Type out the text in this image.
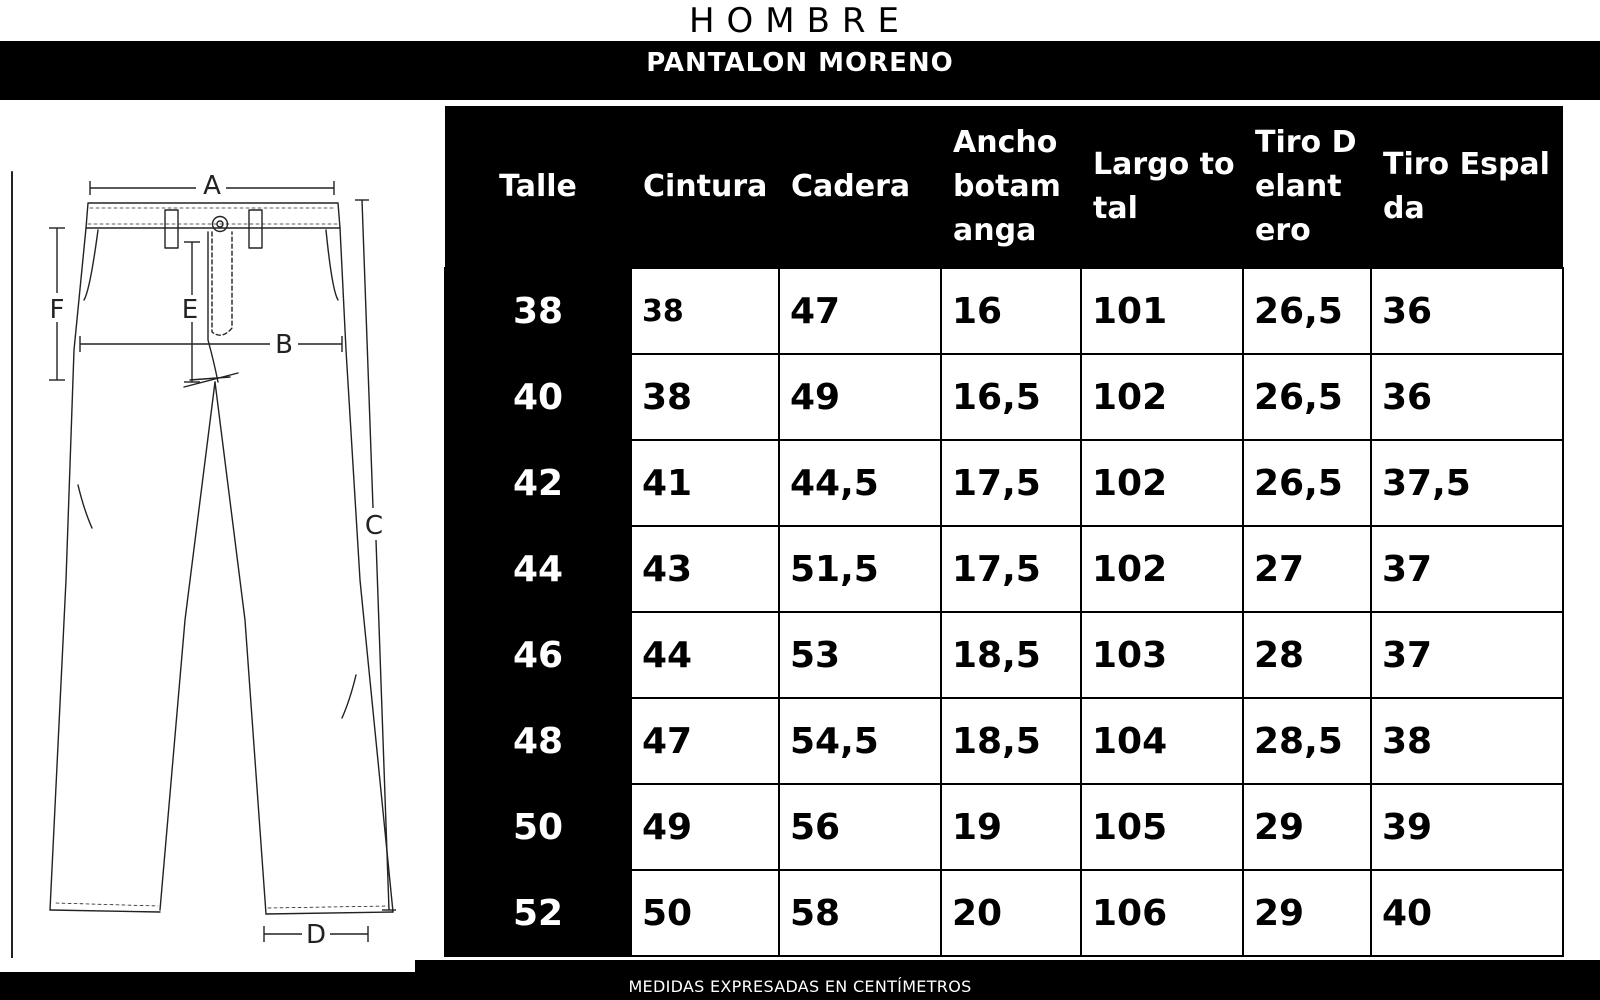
HOMBRE
PANTALON MORENO
A
B
C
D
E
F
Talle	Cintura	Cadera	Ancho botam anga	Largo total	Tiro Delant ero	Tiro Espalda
38	38	47	16	101	26,5	36
40	38	49	16,5	102	26,5	36
42	41	44,5	17,5	102	26,5	37,5
44	43	51,5	17,5	102	27	37
46	44	53	18,5	103	28	37
48	47	54,5	18,5	104	28,5	38
50	49	56	19	105	29	39
52	50	58	20	106	29	40
MEDIDAS EXPRESADAS EN CENTÍMETROS
